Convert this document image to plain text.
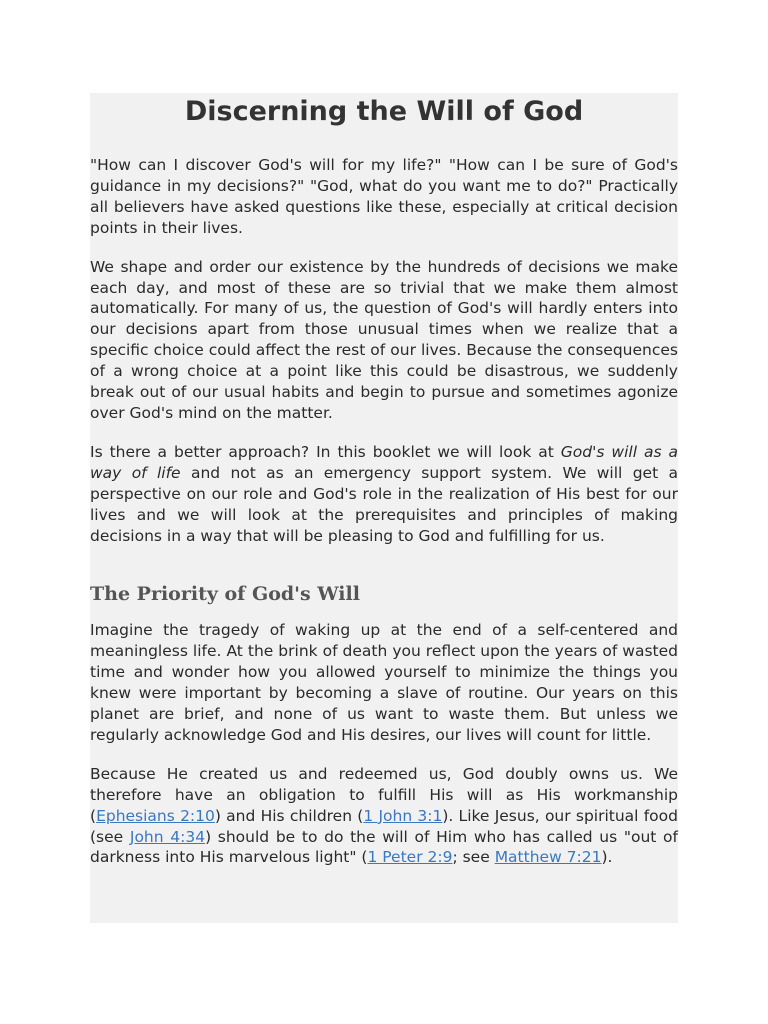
Discerning the Will of God

"How can I discover God's will for my life?" "How can I be sure of God's guidance in my decisions?" "God, what do you want me to do?" Practically all believers have asked questions like these, especially at critical decision points in their lives.

We shape and order our existence by the hundreds of decisions we make each day, and most of these are so trivial that we make them almost automatically. For many of us, the question of God's will hardly enters into our decisions apart from those unusual times when we realize that a specific choice could affect the rest of our lives. Because the consequences of a wrong choice at a point like this could be disastrous, we suddenly break out of our usual habits and begin to pursue and sometimes agonize over God's mind on the matter.

Is there a better approach? In this booklet we will look at God's will as a way of life and not as an emergency support system. We will get a perspective on our role and God's role in the realization of His best for our lives and we will look at the prerequisites and principles of making decisions in a way that will be pleasing to God and fulfilling for us.

The Priority of God's Will

Imagine the tragedy of waking up at the end of a self-centered and meaningless life. At the brink of death you reflect upon the years of wasted time and wonder how you allowed yourself to minimize the things you knew were important by becoming a slave of routine. Our years on this planet are brief, and none of us want to waste them. But unless we regularly acknowledge God and His desires, our lives will count for little.

Because He created us and redeemed us, God doubly owns us. We therefore have an obligation to fulfill His will as His workmanship (Ephesians 2:10) and His children (1 John 3:1). Like Jesus, our spiritual food (see John 4:34) should be to do the will of Him who has called us "out of darkness into His marvelous light" (1 Peter 2:9; see Matthew 7:21).
